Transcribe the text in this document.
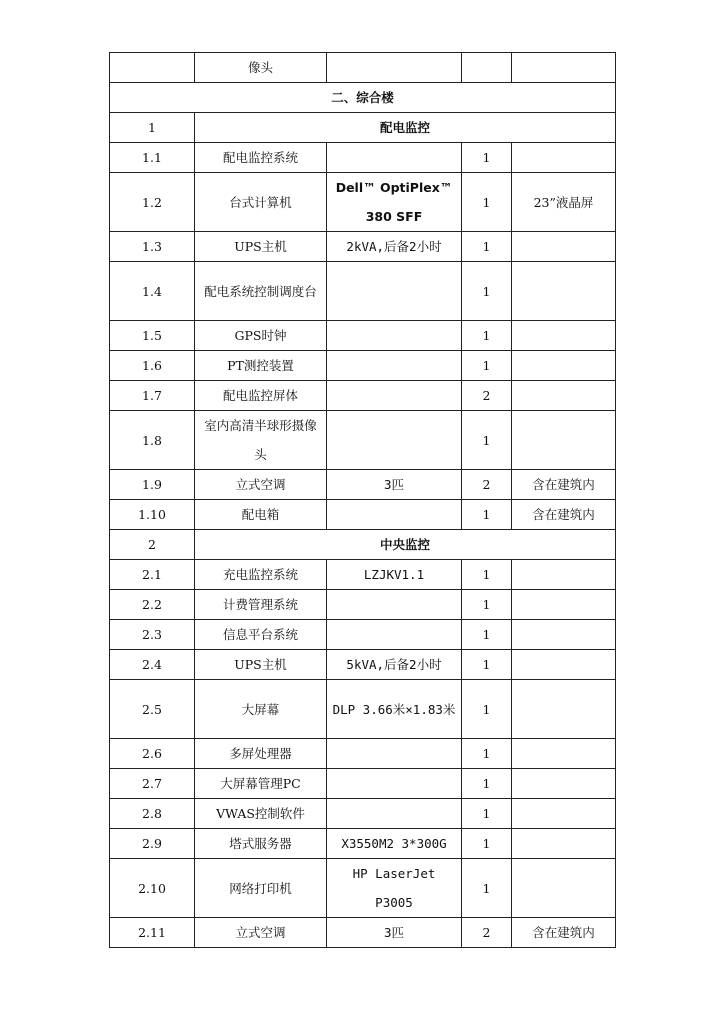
	像头			
二、综合楼				
1	配电监控			
1.1	配电监控系统		1	
1.2	台式计算机	Dell™ OptiPlex™ 380 SFF	1	23”液晶屏
1.3	UPS主机	2kVA,后备2小时	1	
1.4	配电系统控制调度台		1	
1.5	GPS时钟		1	
1.6	PT测控装置		1	
1.7	配电监控屏体		2	
1.8	室内高清半球形摄像头		1	
1.9	立式空调	3匹	2	含在建筑内
1.10	配电箱		1	含在建筑内
2	中央监控			
2.1	充电监控系统	LZJKV1.1	1	
2.2	计费管理系统		1	
2.3	信息平台系统		1	
2.4	UPS主机	5kVA,后备2小时	1	
2.5	大屏幕	DLP 3.66米×1.83米	1	
2.6	多屏处理器		1	
2.7	大屏幕管理PC		1	
2.8	VWAS控制软件		1	
2.9	塔式服务器	X3550M2 3*300G	1	
2.10	网络打印机	HP LaserJet P3005	1	
2.11	立式空调	3匹	2	含在建筑内
